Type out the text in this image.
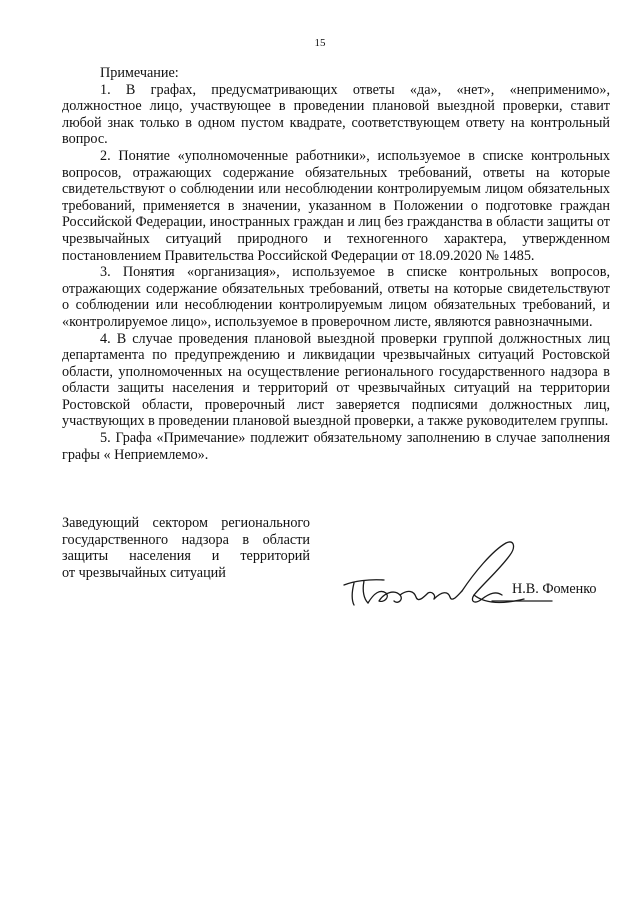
15

Примечание:

1. В графах, предусматривающих ответы «да», «нет», «неприменимо», должностное лицо, участвующее в проведении плановой выездной проверки, ставит любой знак только в одном пустом квадрате, соответствующем ответу на контрольный вопрос.

2. Понятие «уполномоченные работники», используемое в списке контрольных вопросов, отражающих содержание обязательных требований, ответы на которые свидетельствуют о соблюдении или несоблюдении контролируемым лицом обязательных требований, применяется в значении, указанном в Положении о подготовке граждан Российской Федерации, иностранных граждан и лиц без гражданства в области защиты от чрезвычайных ситуаций природного и техногенного характера, утвержденном постановлением Правительства Российской Федерации от 18.09.2020 № 1485.

3. Понятия «организация», используемое в списке контрольных вопросов, отражающих содержание обязательных требований, ответы на которые свидетельствуют о соблюдении или несоблюдении контролируемым лицом обязательных требований, и «контролируемое лицо», используемое в проверочном листе, являются равнозначными.

4. В случае проведения плановой выездной проверки группой должностных лиц департамента по предупреждению и ликвидации чрезвычайных ситуаций Ростовской области, уполномоченных на осуществление регионального государственного надзора в области защиты населения и территорий от чрезвычайных ситуаций на территории Ростовской области, проверочный лист заверяется подписями должностных лиц, участвующих в проведении плановой выездной проверки, а также руководителем группы.

5. Графа «Примечание» подлежит обязательному заполнению в случае заполнения графы « Неприемлемо».

Заведующий сектором регионального
государственного надзора в области
защиты населения и территорий
от чрезвычайных ситуаций
Н.В. Фоменко
